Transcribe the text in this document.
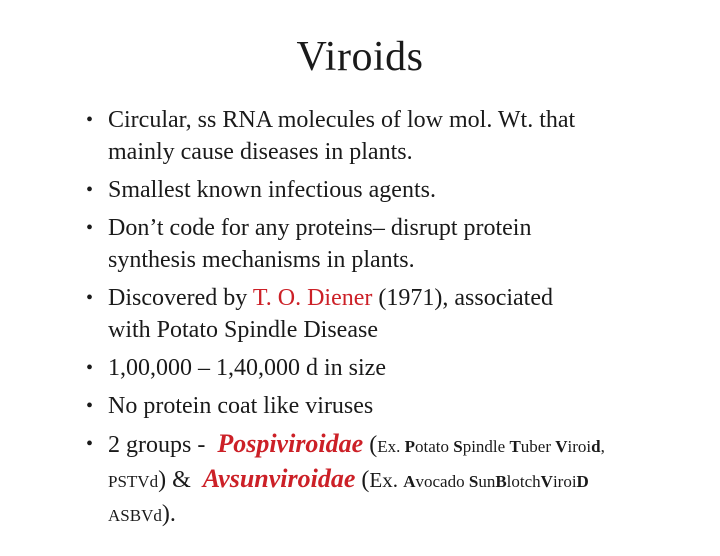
Viroids
• Circular, ss RNA molecules of low mol. Wt. that
mainly cause diseases in plants.
• Smallest known infectious agents.
• Don’t code for any proteins– disrupt protein
synthesis mechanisms in plants.
• Discovered by T. O. Diener (1971), associated
with Potato Spindle Disease
• 1,00,000 – 1,40,000 d in size
• No protein coat like viruses
• 2 groups -  Pospiviroidae (Ex. Potato Spindle Tuber Viroid,
PSTVd) &  Avsunviroidae (Ex. Avocado SunBlotchViroiD
ASBVd).
